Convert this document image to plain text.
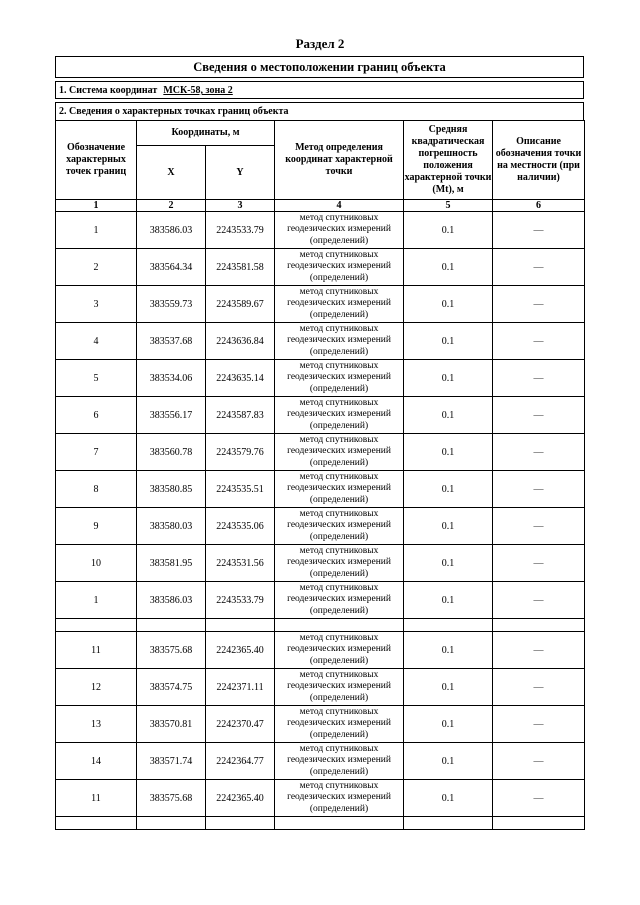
Раздел 2
Сведения о местоположении границ объекта
1. Система координат МСК-58, зона 2
2. Сведения о характерных точках границ объекта
Обозначение характерных точек границ	Координаты, м		Метод определения координат характерной точки	Средняя квадратическая погрешность положения характерной точки (Mt), м	Описание обозначения точки на местности (при наличии)
	X	Y			
1	2	3	4	5	6
1	383586.03	2243533.79	метод спутниковых геодезических измерений (определений)	0.1	—
2	383564.34	2243581.58	метод спутниковых геодезических измерений (определений)	0.1	—
3	383559.73	2243589.67	метод спутниковых геодезических измерений (определений)	0.1	—
4	383537.68	2243636.84	метод спутниковых геодезических измерений (определений)	0.1	—
5	383534.06	2243635.14	метод спутниковых геодезических измерений (определений)	0.1	—
6	383556.17	2243587.83	метод спутниковых геодезических измерений (определений)	0.1	—
7	383560.78	2243579.76	метод спутниковых геодезических измерений (определений)	0.1	—
8	383580.85	2243535.51	метод спутниковых геодезических измерений (определений)	0.1	—
9	383580.03	2243535.06	метод спутниковых геодезических измерений (определений)	0.1	—
10	383581.95	2243531.56	метод спутниковых геодезических измерений (определений)	0.1	—
1	383586.03	2243533.79	метод спутниковых геодезических измерений (определений)	0.1	—

11	383575.68	2242365.40	метод спутниковых геодезических измерений (определений)	0.1	—
12	383574.75	2242371.11	метод спутниковых геодезических измерений (определений)	0.1	—
13	383570.81	2242370.47	метод спутниковых геодезических измерений (определений)	0.1	—
14	383571.74	2242364.77	метод спутниковых геодезических измерений (определений)	0.1	—
11	383575.68	2242365.40	метод спутниковых геодезических измерений (определений)	0.1	—
